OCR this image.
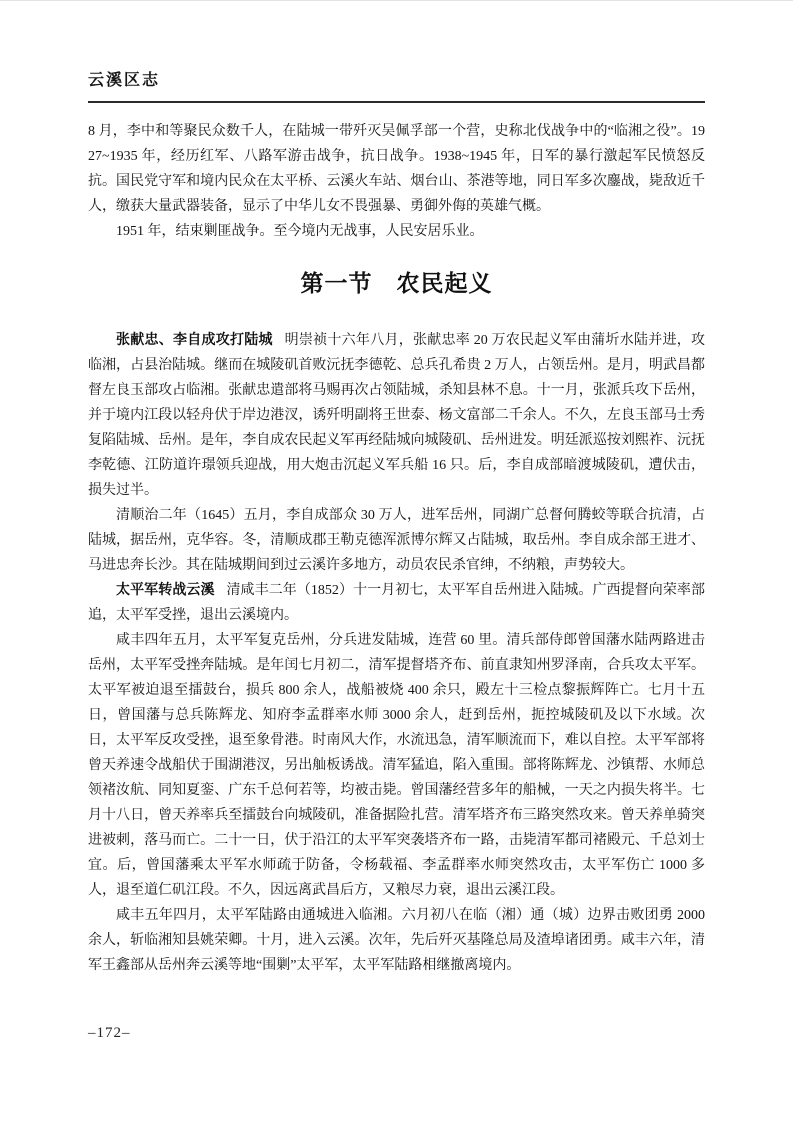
云溪区志

8 月，李中和等聚民众数千人，在陆城一带歼灭吴佩孚部一个营，史称北伐战争中的“临湘之役”。1927~1935 年，经历红军、八路军游击战争，抗日战争。1938~1945 年，日军的暴行激起军民愤怒反抗。国民党守军和境内民众在太平桥、云溪火车站、烟台山、茶港等地，同日军多次鏖战，毙敌近千人，缴获大量武器装备，显示了中华儿女不畏强暴、勇御外侮的英雄气概。

1951 年，结束剿匪战争。至今境内无战事，人民安居乐业。

第一节　农民起义

张献忠、李自成攻打陆城 明崇祯十六年八月，张献忠率 20 万农民起义军由蒲圻水陆并进，攻临湘，占县治陆城。继而在城陵矶首败沅抚李德乾、总兵孔希贵 2 万人，占领岳州。是月，明武昌都督左良玉部攻占临湘。张献忠遣部将马赐再次占领陆城，杀知县林不息。十一月，张派兵攻下岳州，并于境内江段以轻舟伏于岸边港汊，诱歼明副将王世泰、杨文富部二千余人。不久，左良玉部马士秀复陷陆城、岳州。是年，李自成农民起义军再经陆城向城陵矶、岳州进发。明廷派巡按刘熙祚、沅抚李乾德、江防道许璟领兵迎战，用大炮击沉起义军兵船 16 只。后，李自成部暗渡城陵矶，遭伏击，损失过半。

清顺治二年（1645）五月，李自成部众 30 万人，进军岳州，同湖广总督何腾蛟等联合抗清，占陆城，据岳州，克华容。冬，清顺成郡王勒克德浑派博尔辉又占陆城，取岳州。李自成余部王进才、马进忠奔长沙。其在陆城期间到过云溪许多地方，动员农民杀官绅，不纳粮，声势较大。

太平军转战云溪 清咸丰二年（1852）十一月初七，太平军自岳州进入陆城。广西提督向荣率部追，太平军受挫，退出云溪境内。

咸丰四年五月，太平军复克岳州，分兵进发陆城，连营 60 里。清兵部侍郎曾国藩水陆两路进击岳州，太平军受挫奔陆城。是年闰七月初二，清军提督塔齐布、前直隶知州罗泽南，合兵攻太平军。太平军被迫退至擂鼓台，损兵 800 余人，战船被烧 400 余只，殿左十三检点黎振辉阵亡。七月十五日，曾国藩与总兵陈辉龙、知府李孟群率水师 3000 余人，赶到岳州，扼控城陵矶及以下水域。次日，太平军反攻受挫，退至象骨港。时南风大作，水流迅急，清军顺流而下，难以自控。太平军部将曾天养速令战船伏于围湖港汊，另出舢板诱战。清军猛追，陷入重围。部将陈辉龙、沙镇帮、水师总领褚汝航、同知夏銮、广东千总何若等，均被击毙。曾国藩经营多年的船械，一天之内损失将半。七月十八日，曾天养率兵至擂鼓台向城陵矶，准备据险扎营。清军塔齐布三路突然攻来。曾天养单骑突进被刺，落马而亡。二十一日，伏于沿江的太平军突袭塔齐布一路，击毙清军都司褚殿元、千总刘士宜。后，曾国藩乘太平军水师疏于防备，令杨载福、李孟群率水师突然攻击，太平军伤亡 1000 多人，退至道仁矶江段。不久，因远离武昌后方，又粮尽力衰，退出云溪江段。

咸丰五年四月，太平军陆路由通城进入临湘。六月初八在临（湘）通（城）边界击败团勇 2000 余人，斩临湘知县姚荣卿。十月，进入云溪。次年，先后歼灭基隆总局及渣埠诸团勇。咸丰六年，清军王鑫部从岳州奔云溪等地“围剿”太平军，太平军陆路相继撤离境内。

–172–
